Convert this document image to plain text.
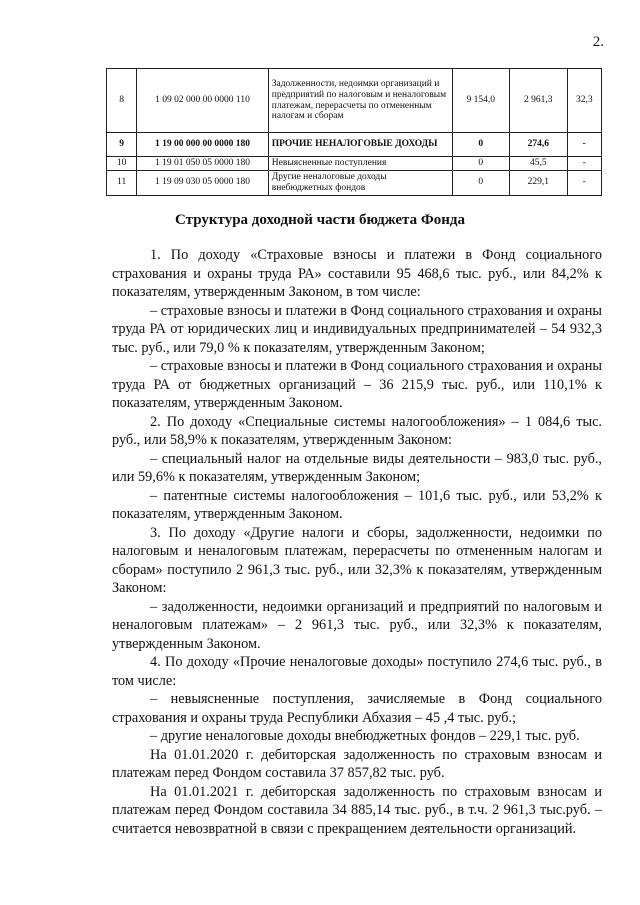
2.
8	1 09 02 000 00 0000 110	Задолженности, недоимки организаций и предприятий по налоговым и неналоговым платежам, перерасчеты по отмененным налогам и сборам	9 154,0	2 961,3	32,3
9	1 19 00 000 00 0000 180	ПРОЧИЕ НЕНАЛОГОВЫЕ ДОХОДЫ	0	274,6	-
10	1 19 01 050 05 0000 180	Невыясненные поступления	0	45,5	-
11	1 19 09 030 05 0000 180	Другие неналоговые доходы внебюджетных фондов	0	229,1	-
Структура доходной части бюджета Фонда

1. По доходу «Страховые взносы и платежи в Фонд социального страхования и охраны труда РА» составили 95 468,6 тыс. руб., или 84,2% к показателям, утвержденным Законом, в том числе:

– страховые взносы и платежи в Фонд социального страхования и охраны труда РА от юридических лиц и индивидуальных предпринимателей – 54 932,3 тыс. руб., или 79,0 % к показателям, утвержденным Законом;

– страховые взносы и платежи в Фонд социального страхования и охраны труда РА от бюджетных организаций – 36 215,9 тыс. руб., или 110,1% к показателям, утвержденным Законом.

2. По доходу «Специальные системы налогообложения» – 1 084,6 тыс. руб., или 58,9% к показателям, утвержденным Законом:

– специальный налог на отдельные виды деятельности – 983,0 тыс. руб., или 59,6% к показателям, утвержденным Законом;

– патентные системы налогообложения – 101,6 тыс. руб., или 53,2% к показателям, утвержденным Законом.

3. По доходу «Другие налоги и сборы, задолженности, недоимки по налоговым и неналоговым платежам, перерасчеты по отмененным налогам и сборам» поступило 2 961,3 тыс. руб., или 32,3% к показателям, утвержденным Законом:

– задолженности, недоимки организаций и предприятий по налоговым и неналоговым платежам» – 2 961,3 тыс. руб., или 32,3% к показателям, утвержденным Законом.

4. По доходу «Прочие неналоговые доходы» поступило 274,6 тыс. руб., в том числе:

– невыясненные поступления, зачисляемые в Фонд социального страхования и охраны труда Республики Абхазия – 45 ,4 тыс. руб.;

– другие неналоговые доходы внебюджетных фондов – 229,1 тыс. руб.

На 01.01.2020 г. дебиторская задолженность по страховым взносам и платежам перед Фондом составила 37 857,82 тыс. руб.

На 01.01.2021 г. дебиторская задолженность по страховым взносам и платежам перед Фондом составила 34 885,14 тыс. руб., в т.ч. 2 961,3 тыс.руб. – считается невозвратной в связи с прекращением деятельности организаций.
